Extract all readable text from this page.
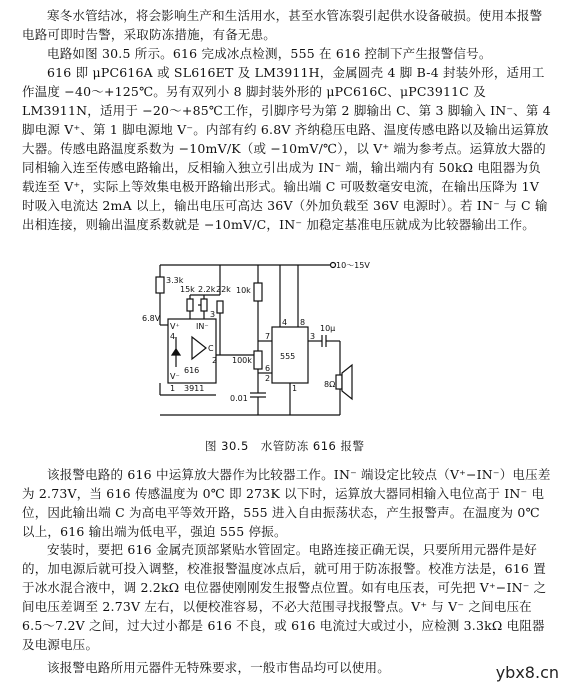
寒冬水管结冰，将会影响生产和生活用水，甚至水管冻裂引起供水设备破损。使用本报警电路可即时告警，采取防冻措施，有备无患。

电路如图 30.5 所示。616 完成冰点检测，555 在 616 控制下产生报警信号。

616 即 μPC616A 或 SL616ET 及 LM3911H，金属圆壳 4 脚 B-4 封装外形，适用工作温度 −40～+125℃。另有双列小 8 脚封装外形的 μPC616C、μPC3911C 及 LM3911N，适用于 −20～+85℃工作，引脚序号为第 2 脚输出 C、第 3 脚输入 IN⁻、第 4 脚电源 V⁺、第 1 脚电源地 V⁻。内部有约 6.8V 齐纳稳压电路、温度传感电路以及输出运算放大器。传感电路温度系数为 −10mV/K（或 −10mV/℃），以 V⁺ 端为参考点。运算放大器的同相输入连至传感电路输出，反相输入独立引出成为 IN⁻ 端，输出端内有 50kΩ 电阻器为负载连至 V⁺，实际上等效集电极开路输出形式。输出端 C 可吸数毫安电流，在输出压降为 1V 时吸入电流达 2mA 以上，输出电压可高达 36V（外加负载至 36V 电源时）。若 IN⁻ 与 C 输出相连接，则输出温度系数就是 −10mV/C，IN⁻ 加稳定基准电压就成为比较器输出工作。

10～15V
3.3k
15k 2.2k 22k
6.8V
V⁺ IN⁻
V⁻
C
616
3911
4
3
2
1
10k
100k
0.01
555
4 8
7
6
3
2
1
10μ
8Ω
图 30.5　水管防冻 616 报警

该报警电路的 616 中运算放大器作为比较器工作。IN⁻ 端设定比较点（V⁺−IN⁻）电压差为 2.73V，当 616 传感温度为 0℃ 即 273K 以下时，运算放大器同相输入电位高于 IN⁻ 电位，因此输出端 C 为高电平等效开路，555 进入自由振荡状态，产生报警声。在温度为 0℃ 以上，616 输出端为低电平，强迫 555 停振。

安装时，要把 616 金属壳顶部紧贴水管固定。电路连接正确无误，只要所用元器件是好的，加电源后就可投入调整，校准报警温度冰点后，就可用于防冻报警。校准方法是，616 置于冰水混合液中，调 2.2kΩ 电位器使刚刚发生报警点位置。如有电压表，可先把 V⁺−IN⁻ 之间电压差调至 2.73V 左右，以便校准容易，不必大范围寻找报警点。V⁺ 与 V⁻ 之间电压在 6.5～7.2V 之间，过大过小都是 616 不良，或 616 电流过大或过小，应检测 3.3kΩ 电阻器及电源电压。

该报警电路所用元器件无特殊要求，一般市售品均可以使用。	ybx8.cn
